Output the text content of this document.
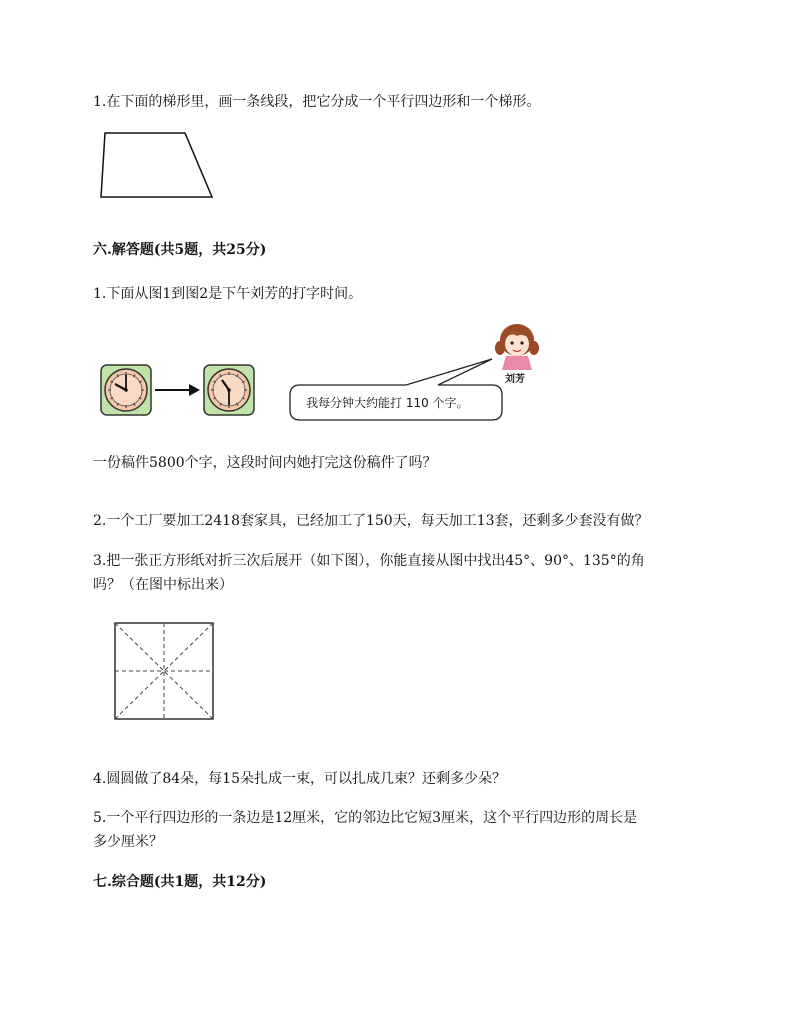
1.在下面的梯形里，画一条线段，把它分成一个平行四边形和一个梯形。

六.解答题(共5题，共25分)

1.下面从图1到图2是下午刘芳的打字时间。

我每分钟大约能打 110 个字。
刘芳

一份稿件5800个字，这段时间内她打完这份稿件了吗？

2.一个工厂要加工2418套家具，已经加工了150天，每天加工13套，还剩多少套没有做？

3.把一张正方形纸对折三次后展开（如下图），你能直接从图中找出45°、90°、135°的角

吗？（在图中标出来）

4.圆圆做了84朵，每15朵扎成一束，可以扎成几束？还剩多少朵？

5.一个平行四边形的一条边是12厘米，它的邻边比它短3厘米，这个平行四边形的周长是

多少厘米？

七.综合题(共1题，共12分)
